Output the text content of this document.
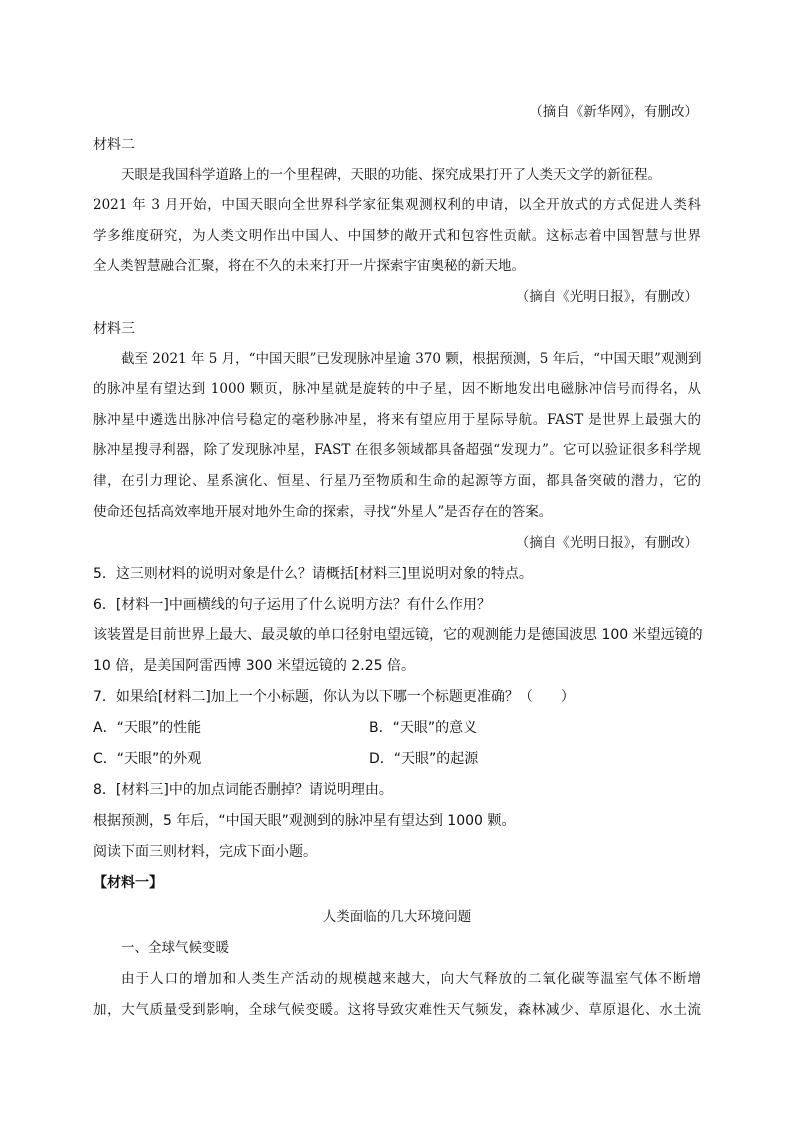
（摘自《新华网》，有删改）

材料二

天眼是我国科学道路上的一个里程碑，天眼的功能、探究成果打开了人类天文学的新征程。

2021 年 3 月开始，中国天眼向全世界科学家征集观测权利的申请，以全开放式的方式促进人类科

学多维度研究，为人类文明作出中国人、中国梦的敞开式和包容性贡献。这标志着中国智慧与世界

全人类智慧融合汇聚，将在不久的未来打开一片探索宇宙奥秘的新天地。

（摘自《光明日报》，有删改）

材料三

截至 2021 年 5 月，“中国天眼”已发现脉冲星逾 370 颗，根据预测，5 年后，“中国天眼”观测到

的脉冲星有望达到 1000 颗页，脉冲星就是旋转的中子星，因不断地发出电磁脉冲信号而得名，从

脉冲星中遴选出脉冲信号稳定的毫秒脉冲星，将来有望应用于星际导航。FAST 是世界上最强大的

脉冲星搜寻利器，除了发现脉冲星，FAST 在很多领域都具备超强“发现力”。它可以验证很多科学规

律，在引力理论、星系演化、恒星、行星乃至物质和生命的起源等方面，都具备突破的潜力，它的

使命还包括高效率地开展对地外生命的探索，寻找“外星人”是否存在的答案。

（摘自《光明日报》，有删改）

5．这三则材料的说明对象是什么？请概括[材料三]里说明对象的特点。

6．[材料一]中画横线的句子运用了什么说明方法？有什么作用？

该装置是目前世界上最大、最灵敏的单口径射电望远镜，它的观测能力是德国波思 100 米望远镜的

10 倍，是美国阿雷西博 300 米望远镜的 2.25 倍。

7．如果给[材料二]加上一个小标题，你认为以下哪一个标题更准确？（　　）

A．“天眼”的性能	B．“天眼”的意义

C．“天眼”的外观	D．“天眼”的起源

8．[材料三]中的加点词能否删掉？请说明理由。

根据预测，5 年后，“中国天眼”观测到的脉冲星有望达到 1000 颗。

阅读下面三则材料，完成下面小题。

【材料一】

人类面临的几大环境问题

一、全球气候变暖

由于人口的增加和人类生产活动的规模越来越大，向大气释放的二氧化碳等温室气体不断增

加，大气质量受到影响，全球气候变暖。这将导致灾难性天气频发，森林减少、草原退化、水土流
